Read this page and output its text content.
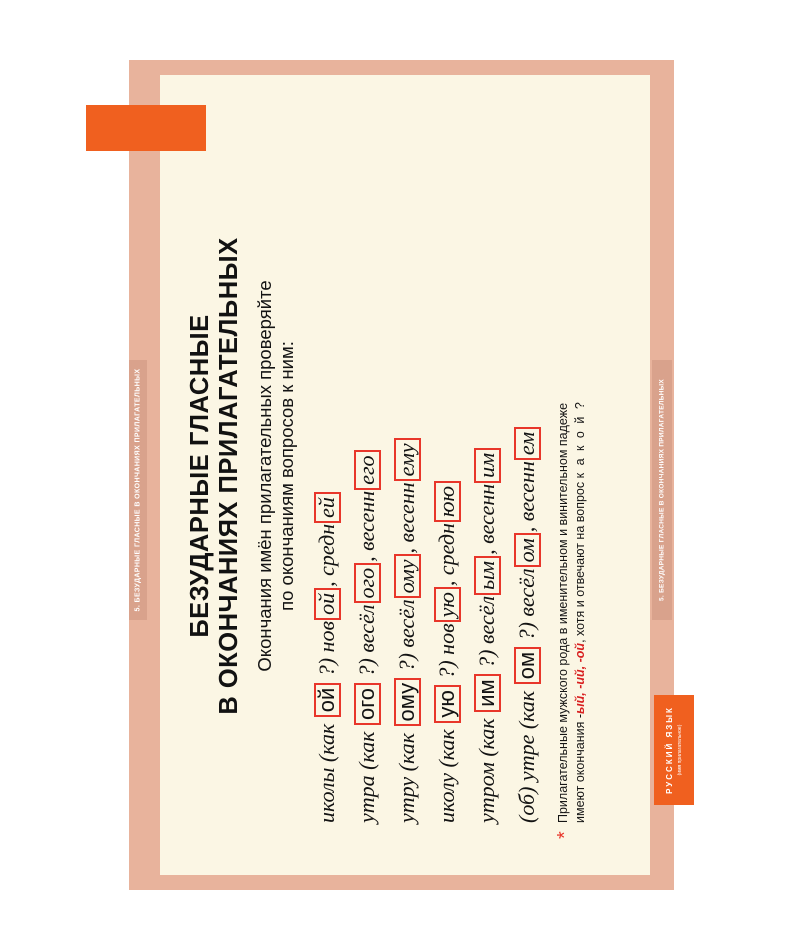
5. БЕЗУДАРНЫЕ ГЛАСНЫЕ В ОКОНЧАНИЯХ ПРИЛАГАТЕЛЬНЫХ	5. БЕЗУДАРНЫЕ ГЛАСНЫЕ В ОКОНЧАНИЯХ ПРИЛАГАТЕЛЬНЫХ
Таблица демонстрационная РУССКИЙ ЯЗЫК (имя прилагательное) ООО «АЙРИС-пресс» 129626, Москва, пр-т Мира, 104 www.airis.ru Формат 70х100/8 Бумага мелованная Печать офсетная Тираж 5000 экз.
айрис
РУССКИЙ ЯЗЫК (имя прилагательное)
БЕЗУДАРНЫЕ ГЛАСНЫЕ В ОКОНЧАНИЯХ ПРИЛАГАТЕЛЬНЫХ Окончания имён прилагательных проверяйте по окончаниям вопросов к ним:
иколы (как ой ?) новой, средней
утра (как ого ?) весёлого, весеннего
утру (как ому ?) весёлому, весеннему
иколу (как ую ?) новую, среднюю
утром (как им ?) весёлым, весенним
(об) утре (как ом ?) весёлом, весеннем
*
Прилагательные мужского рода в именительном и винительном падеже имеют окончания -ый, -ий, -ой, хотя и отвечают на вопрос к а к о й ?
